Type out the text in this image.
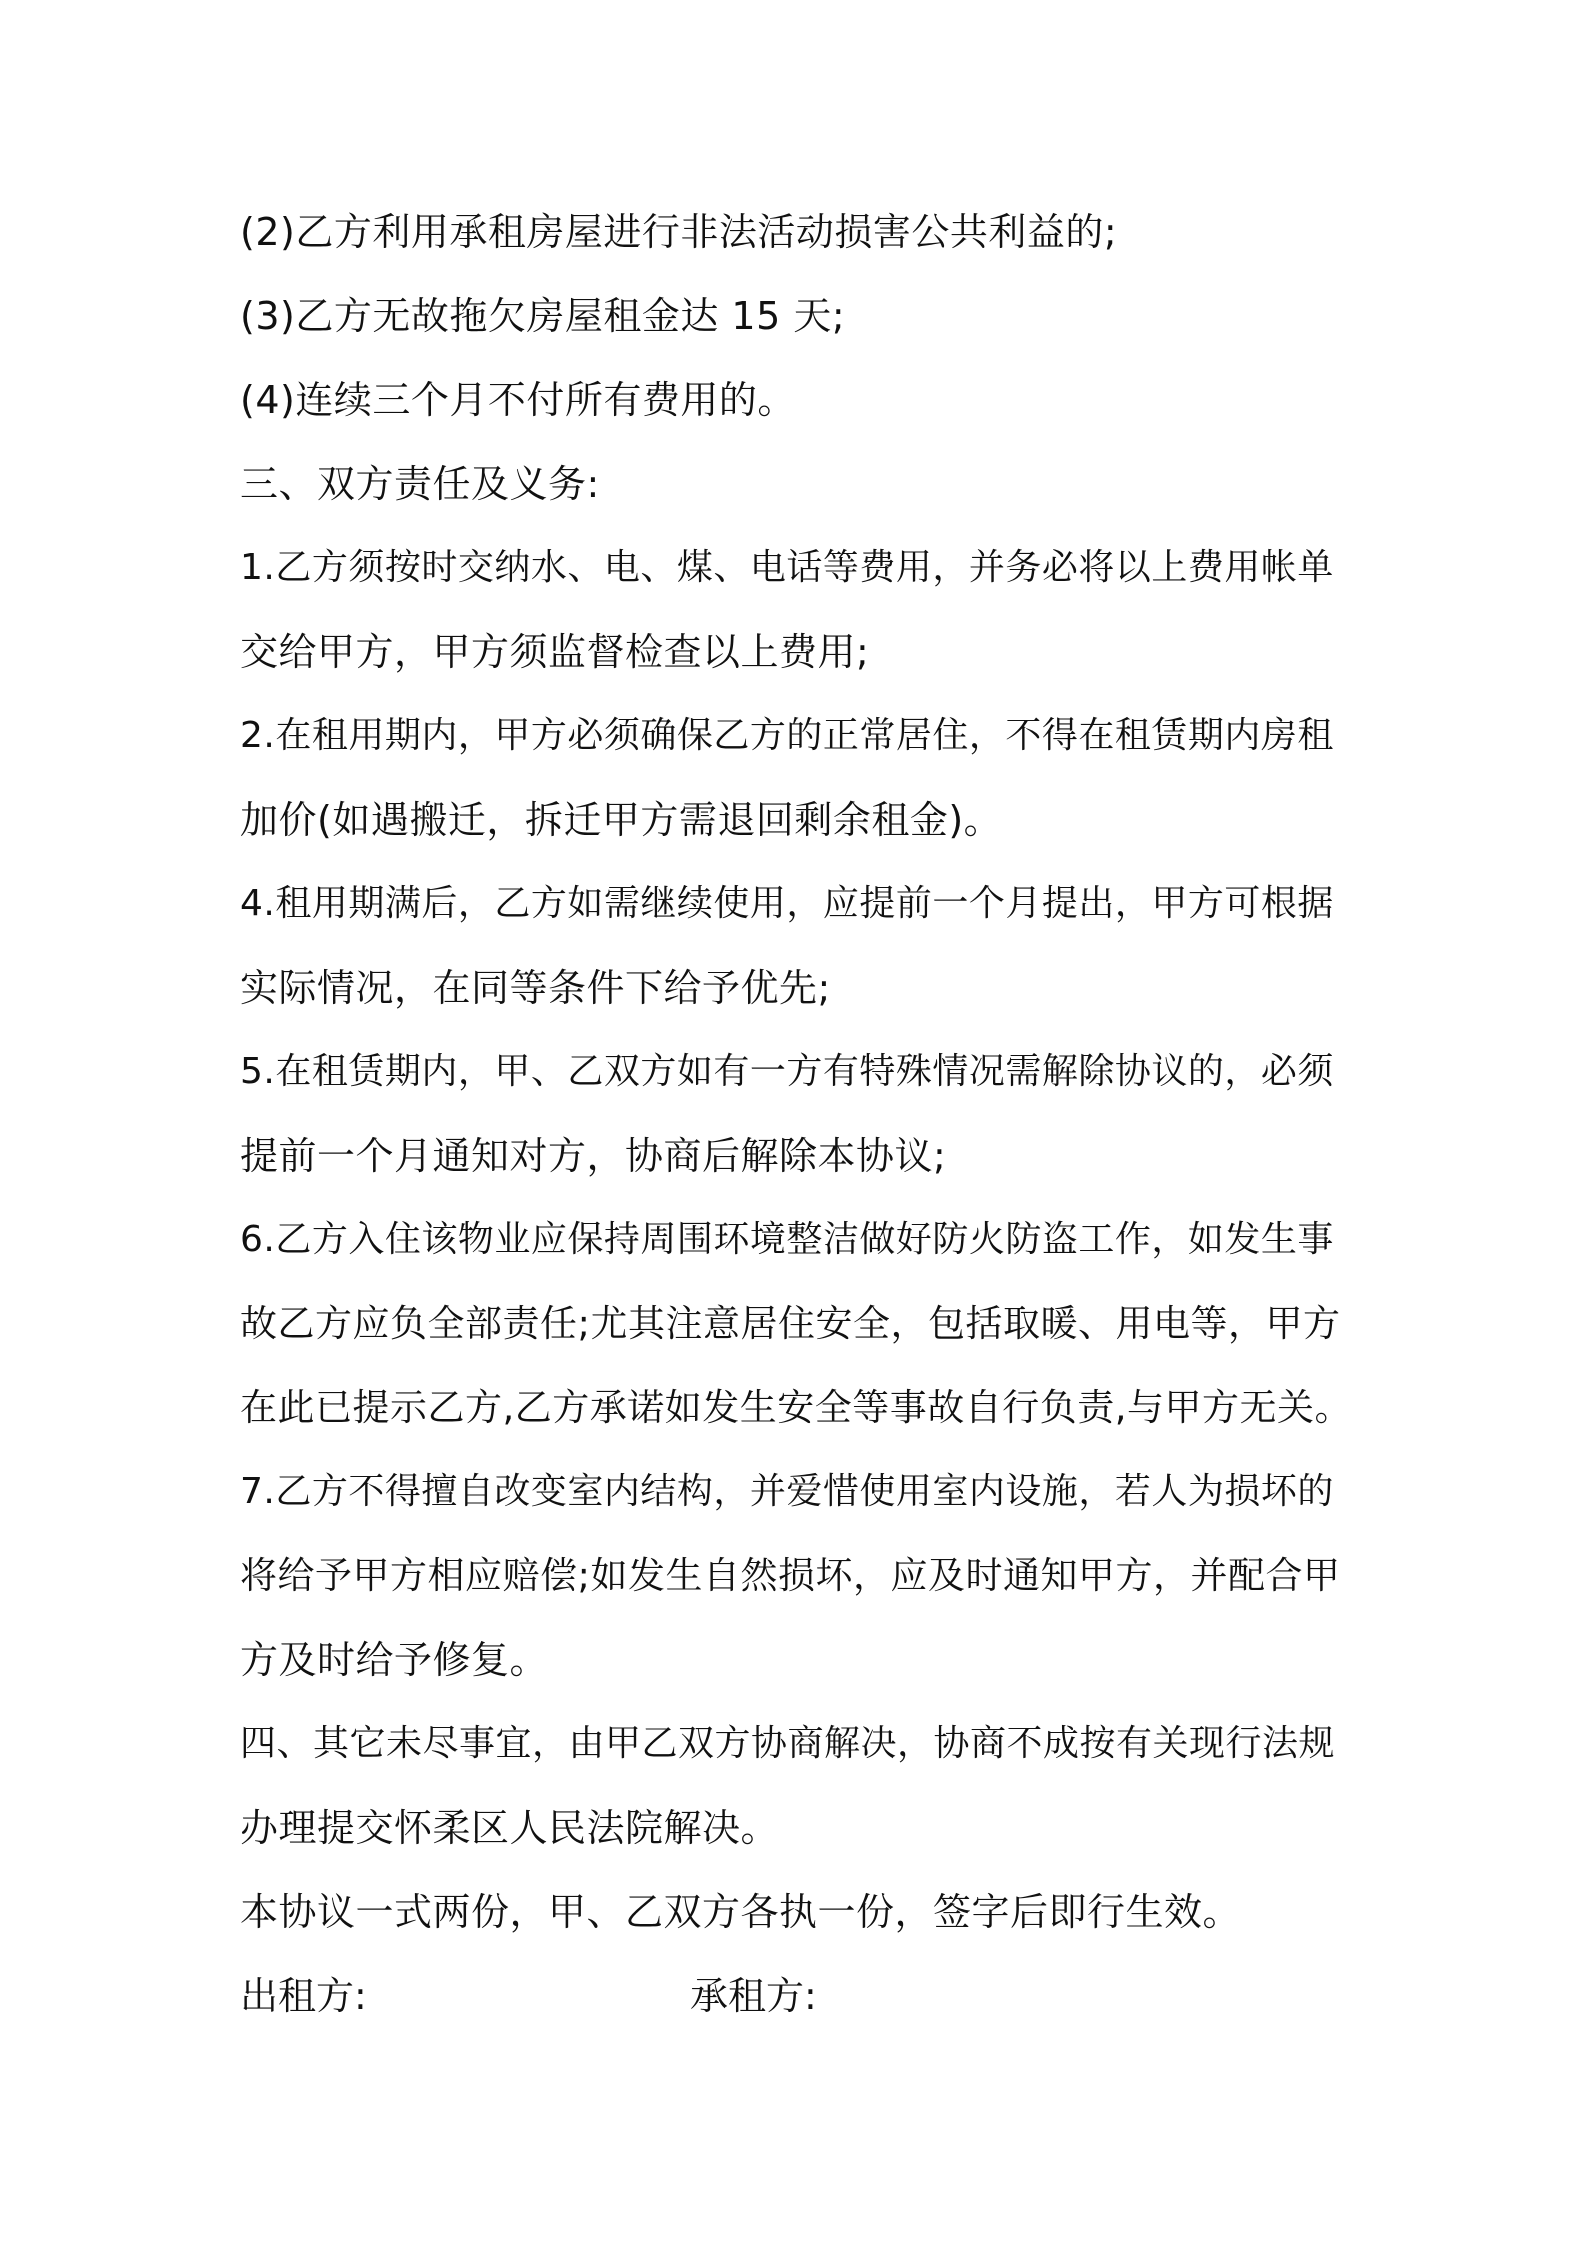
(2)乙方利用承租房屋进行非法活动损害公共利益的;
(3)乙方无故拖欠房屋租金达 15 天;
(4)连续三个月不付所有费用的。
三、双方责任及义务:
1.乙方须按时交纳水、电、煤、电话等费用，并务必将以上费用帐单
交给甲方，甲方须监督检查以上费用;
2.在租用期内，甲方必须确保乙方的正常居住，不得在租赁期内房租
加价(如遇搬迁，拆迁甲方需退回剩余租金)。
4.租用期满后，乙方如需继续使用，应提前一个月提出，甲方可根据
实际情况，在同等条件下给予优先;
5.在租赁期内，甲、乙双方如有一方有特殊情况需解除协议的，必须
提前一个月通知对方，协商后解除本协议;
6.乙方入住该物业应保持周围环境整洁做好防火防盗工作，如发生事
故乙方应负全部责任;尤其注意居住安全，包括取暖、用电等，甲方
在此已提示乙方,乙方承诺如发生安全等事故自行负责,与甲方无关。
7.乙方不得擅自改变室内结构，并爱惜使用室内设施，若人为损坏的
将给予甲方相应赔偿;如发生自然损坏，应及时通知甲方，并配合甲
方及时给予修复。
四、其它未尽事宜，由甲乙双方协商解决，协商不成按有关现行法规
办理提交怀柔区人民法院解决。
本协议一式两份，甲、乙双方各执一份，签字后即行生效。
出租方:	承租方:
